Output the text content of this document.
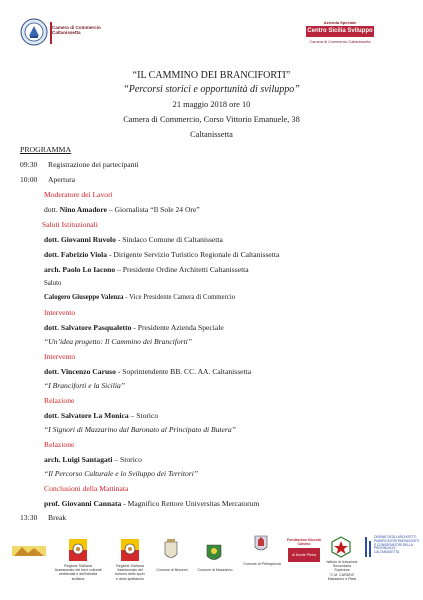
Camera di Commercio
Caltanissetta
Azienda Speciale
Centro Sicilia Sviluppo
Camera di Commercio Caltanissetta
“IL CAMMINO DEI BRANCIFORTI”
“Percorsi storici e opportunità di sviluppo”
21 maggio 2018 ore 10
Camera di Commercio, Corso Vittorio Emanuele, 38
Caltanissetta
PROGRAMMA
09:30 Registrazione dei partecipanti
10:00 Apertura
Moderatore dei Lavori
dott. Nino Amadore – Giornalista “Il Sole 24 Ore”
Saluti Istituzionali
dott. Giovanni Ruvolo - Sindaco Comune di Caltanissetta
dott. Fabrizio Viola - Dirigente Servizio Turistico Regionale di Caltanissetta
arch. Paolo Lo Iacono – Presidente Ordine Architetti Caltanissetta
Saluto
Calogero Giuseppe Valenza - Vice Presidente Camera di Commercio
Intervento
dott. Salvatore Pasqualetto - Presidente Azienda Speciale
“Un’idea progetto: Il Cammino dei Branciforti”
Intervento
dott. Vincenzo Caruso - Soprintendente BB. CC. AA. Caltanissetta
“I Branciforti e la Sicilia”
Relazione
dott. Salvatore La Monica – Storico
“I Signori di Mazzarino dal Baronato al Principato di Butera”
Relazione
arch. Luigi Santagati – Storico
“Il Percorso Culturale e lo Sviluppo dei Territori”
Conclusioni della Mattinata
prof. Giovanni Cannata - Magnifico Rettore Universitas Mercatorum
13:30 Break
Regione Siciliana
Assessorato dei beni culturali
ambientali e dell'identità siciliana
Regione Siciliana
Assessorato del
turismo dello sport
e dello spettacolo
Comune di Niscemi	Comune di Mazzarino
Comune di Pietraperzia
Fondazione Niccolò
Calvino
di Monte Pietra
Istituto di Istruzione
Secondaria
Superiore
"C.M. CARAFA"
Mazzarino e Riesi
ORDINE DEGLI ARCHITETTI
PIANIFICATORI PAESAGGISTI
E CONSERVATORI DELLA
PROVINCIA DI CALTANISSETTA
